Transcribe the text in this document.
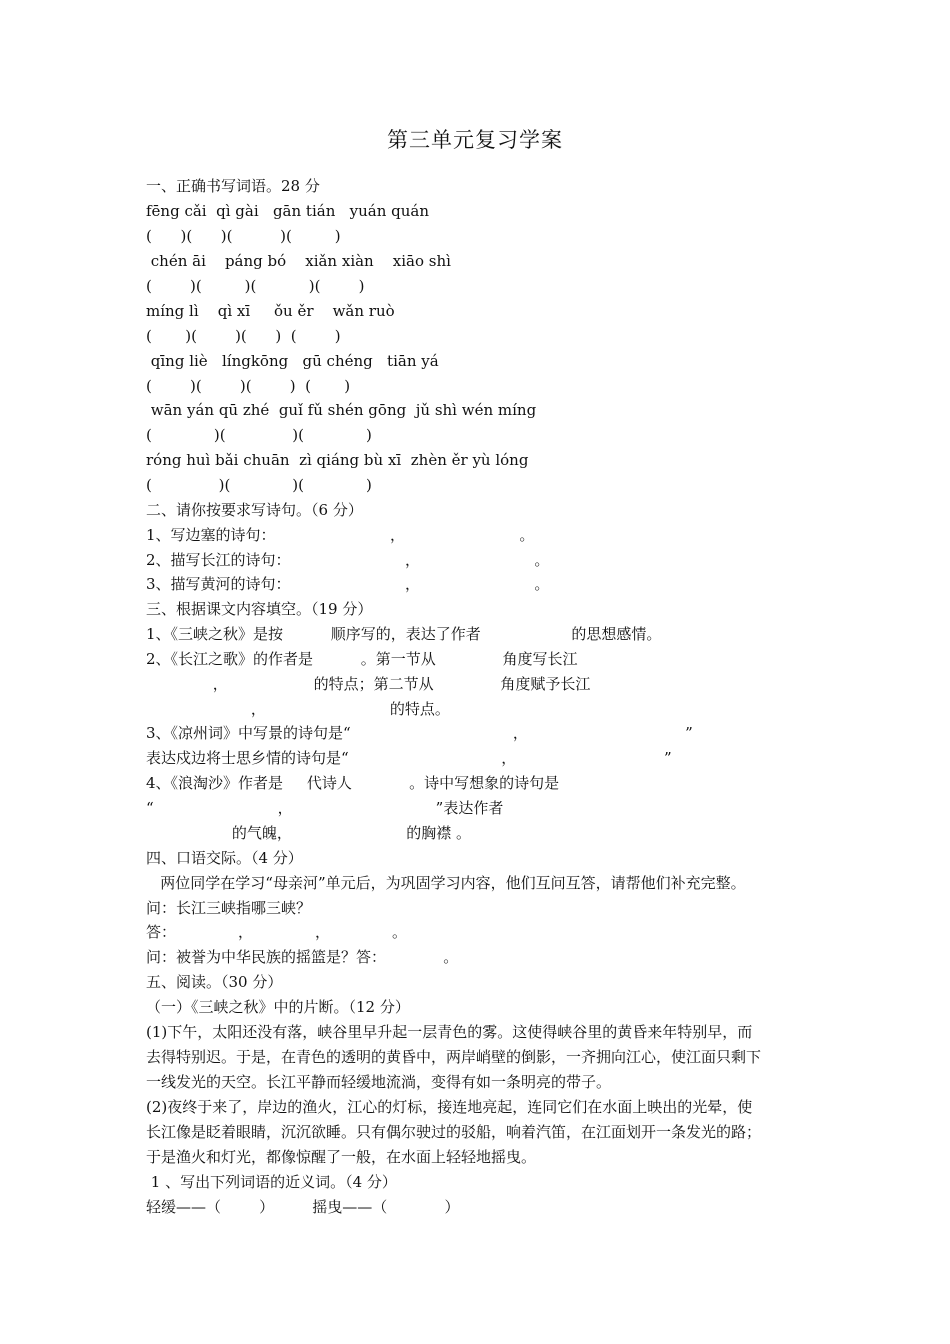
第三单元复习学案
一、正确书写词语。28 分
fēng cǎi  qì gài   gān tián   yuán quán
(      )(      )(          )(         )
chén āi    páng bó    xiǎn xiàn    xiāo shì
(        )(         )(           )(        )
míng lì    qì xī     ǒu ěr    wǎn ruò
(       )(        )(      )  (        )
qīng liè   língkōng   gū chéng   tiān yá
(        )(        )(        )  (       )
wān yán qū zhé  guǐ fǔ shén gōng  jǔ shì wén míng
(             )(              )(             )
róng huì bǎi chuān  zì qiáng bù xī  zhèn ěr yù lóng
(              )(             )(             )
二、请你按要求写诗句。（6 分）
1、写边塞的诗句：                        ，                        。
2、描写长江的诗句：                        ，                        。
3、描写黄河的诗句：                        ，                        。
三、根据课文内容填空。（19 分）
1、《三峡之秋》是按          顺序写的，表达了作者                   的思想感情。
2、《长江之歌》的作者是          。第一节从              角度写长江
，                  的特点；第二节从              角度赋予长江
，                          的特点。
3、《凉州词》中写景的诗句是“                                  ，                                 ”
表达戍边将士思乡情的诗句是“                                ，                               ”
4、《浪淘沙》作者是     代诗人            。诗中写想象的诗句是
“                          ，                              ”表达作者
的气魄，                        的胸襟 。
四、口语交际。（4 分）
两位同学在学习“母亲河”单元后，为巩固学习内容，他们互问互答，请帮他们补充完整。
问：长江三峡指哪三峡？
答：             ，             ，             。
问：被誉为中华民族的摇篮是？答：            。
五、阅读。（30 分）
（一）《三峡之秋》中的片断。（12 分）
(1)下午，太阳还没有落，峡谷里早升起一层青色的雾。这使得峡谷里的黄昏来年特别早，而
去得特别迟。于是，在青色的透明的黄昏中，两岸峭壁的倒影，一齐拥向江心，使江面只剩下
一线发光的天空。长江平静而轻缓地流淌，变得有如一条明亮的带子。
(2)夜终于来了，岸边的渔火，江心的灯标，接连地亮起，连同它们在水面上映出的光晕，使
长江像是眨着眼睛，沉沉欲睡。只有偶尔驶过的驳船，响着汽笛，在江面划开一条发光的路；
于是渔火和灯光，都像惊醒了一般，在水面上轻轻地摇曳。
1 、写出下列词语的近义词。（4 分）
轻缓——（        ）        摇曳——（            ）
